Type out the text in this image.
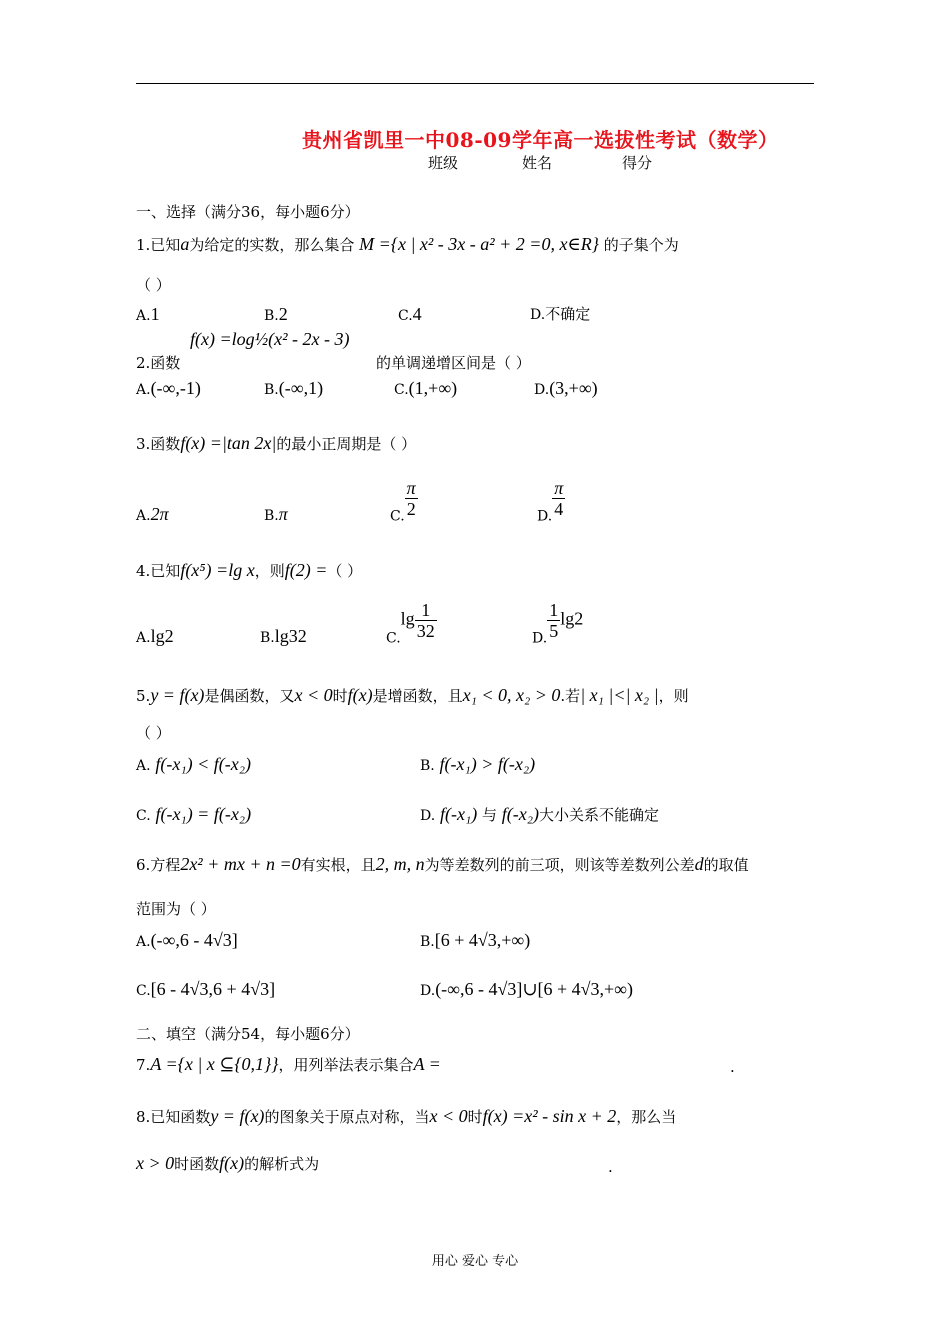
贵州省凯里一中08-09学年高一选拔性考试（数学）
班级	姓名	得分
一、选择（满分36，每小题6分）
1.已知a为给定的实数，那么集合 M ={x | x² - 3x - a² + 2 =0, x∈R} 的子集个为
（ ）
A.1	B.2	C.4	D.不确定
f(x) =log½(x² - 2x - 3)
2.函数	的单调递增区间是（ ）
A.(-∞,-1)	B.(-∞,1)	C.(1,+∞)	D.(3,+∞)
3.函数f(x) =|tan 2x|的最小正周期是（ ）
A.2π	B.π	C. $\frac{\pi}{2}$	D. $\frac{\pi}{4}$
4.已知f(x⁵) =lg x，则f(2) =（ ）
A.lg2	B.lg32	$C.\lg \frac{1}{32}$	D. $\frac{1}{5} \lg 2$
5.y = f(x)是偶函数，又x < 0时f(x)是增函数，且x₁ < 0, x₂ > 0.若| x₁ |<| x₂ |，则
（ ）
A. f(-x₁) < f(-x₂)	B. f(-x₁) > f(-x₂)
C. f(-x₁) = f(-x₂)	D. f(-x₁) 与 f(-x₂)大小关系不能确定
6.方程2x² + mx + n =0有实根，且2, m, n为等差数列的前三项，则该等差数列公差d的取值
范围为（ ）
A.(-∞,6 - 4√3]	B.[6 + 4√3,+∞)
C.[6 - 4√3,6 + 4√3]	D.(-∞,6 - 4√3]∪[6 + 4√3,+∞)
二、填空（满分54，每小题6分）
7.A ={x | x ⊆{0,1}}，用列举法表示集合A =	.
8.已知函数y = f(x)的图象关于原点对称，当x < 0时f(x) =x² - sin x + 2，那么当
x > 0时函数f(x)的解析式为	.
用心 爱心 专心
